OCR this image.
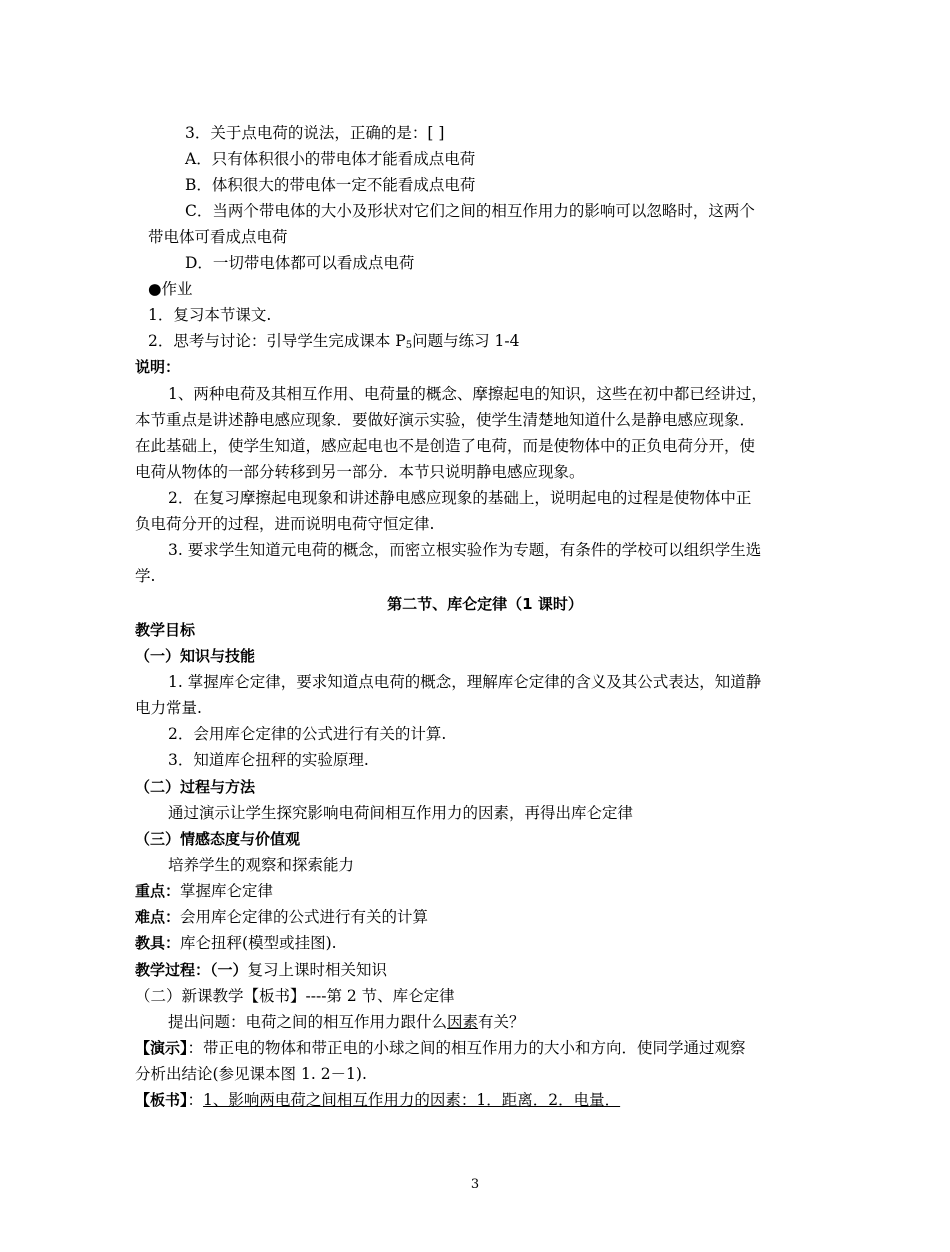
3．关于点电荷的说法，正确的是：[ ]
A．只有体积很小的带电体才能看成点电荷
B．体积很大的带电体一定不能看成点电荷
C．当两个带电体的大小及形状对它们之间的相互作用力的影响可以忽略时，这两个
带电体可看成点电荷
D．一切带电体都可以看成点电荷
●作业
1．复习本节课文.
2．思考与讨论：引导学生完成课本 $P_5$问题与练习 1-4
说明：
1、两种电荷及其相互作用、电荷量的概念、摩擦起电的知识，这些在初中都已经讲过，
本节重点是讲述静电感应现象．要做好演示实验，使学生清楚地知道什么是静电感应现象．
在此基础上，使学生知道，感应起电也不是创造了电荷，而是使物体中的正负电荷分开，使
电荷从物体的一部分转移到另一部分．本节只说明静电感应现象。
2．在复习摩擦起电现象和讲述静电感应现象的基础上，说明起电的过程是使物体中正
负电荷分开的过程，进而说明电荷守恒定律.
3. 要求学生知道元电荷的概念，而密立根实验作为专题，有条件的学校可以组织学生选
学.
第二节、库仑定律（1 课时）
教学目标
（一）知识与技能
1. 掌握库仑定律，要求知道点电荷的概念，理解库仑定律的含义及其公式表达，知道静
电力常量.
2．会用库仑定律的公式进行有关的计算.
3．知道库仑扭秤的实验原理.
（二）过程与方法
通过演示让学生探究影响电荷间相互作用力的因素，再得出库仑定律
（三）情感态度与价值观
培养学生的观察和探索能力
重点：掌握库仑定律
难点：会用库仑定律的公式进行有关的计算
教具：库仑扭秤(模型或挂图).
教学过程：（一）复习上课时相关知识
（二）新课教学【板书】----第 2 节、库仑定律
提出问题：电荷之间的相互作用力跟什么因素有关？
【演示】：带正电的物体和带正电的小球之间的相互作用力的大小和方向．使同学通过观察
分析出结论(参见课本图 1. 2－1).
【板书】：1、影响两电荷之间相互作用力的因素：1．距离．2．电量．
3
